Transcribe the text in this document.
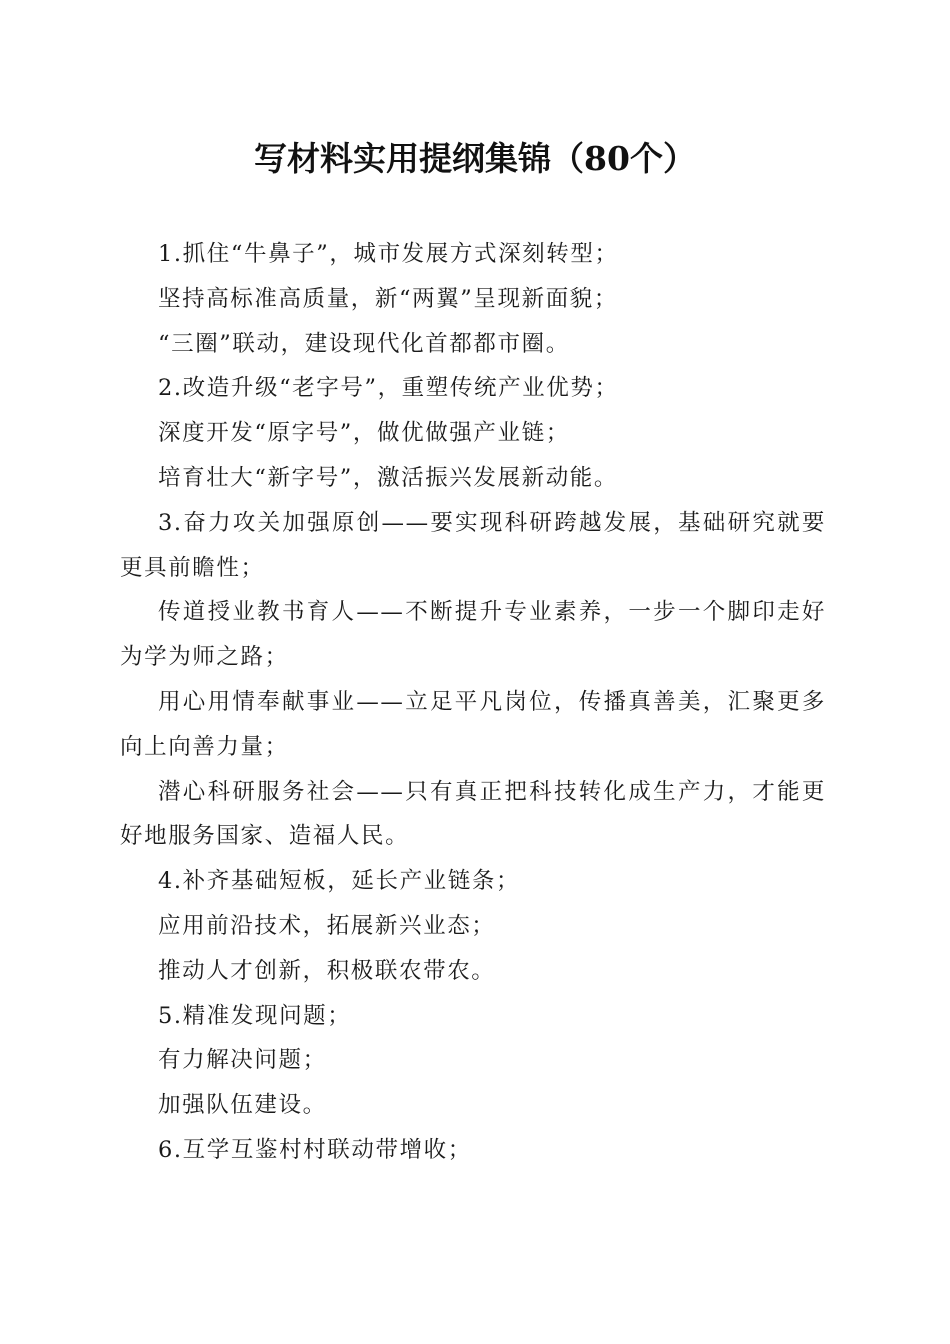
写材料实用提纲集锦（80个）

1.抓住“牛鼻子”，城市发展方式深刻转型；

坚持高标准高质量，新“两翼”呈现新面貌；

“三圈”联动，建设现代化首都都市圈。

2.改造升级“老字号”，重塑传统产业优势；

深度开发“原字号”，做优做强产业链；

培育壮大“新字号”，激活振兴发展新动能。

3.奋力攻关加强原创——要实现科研跨越发展，基础研究就要更具前瞻性；

传道授业教书育人——不断提升专业素养，一步一个脚印走好为学为师之路；

用心用情奉献事业——立足平凡岗位，传播真善美，汇聚更多向上向善力量；

潜心科研服务社会——只有真正把科技转化成生产力，才能更好地服务国家、造福人民。

4.补齐基础短板，延长产业链条；

应用前沿技术，拓展新兴业态；

推动人才创新，积极联农带农。

5.精准发现问题；

有力解决问题；

加强队伍建设。

6.互学互鉴村村联动带增收；
